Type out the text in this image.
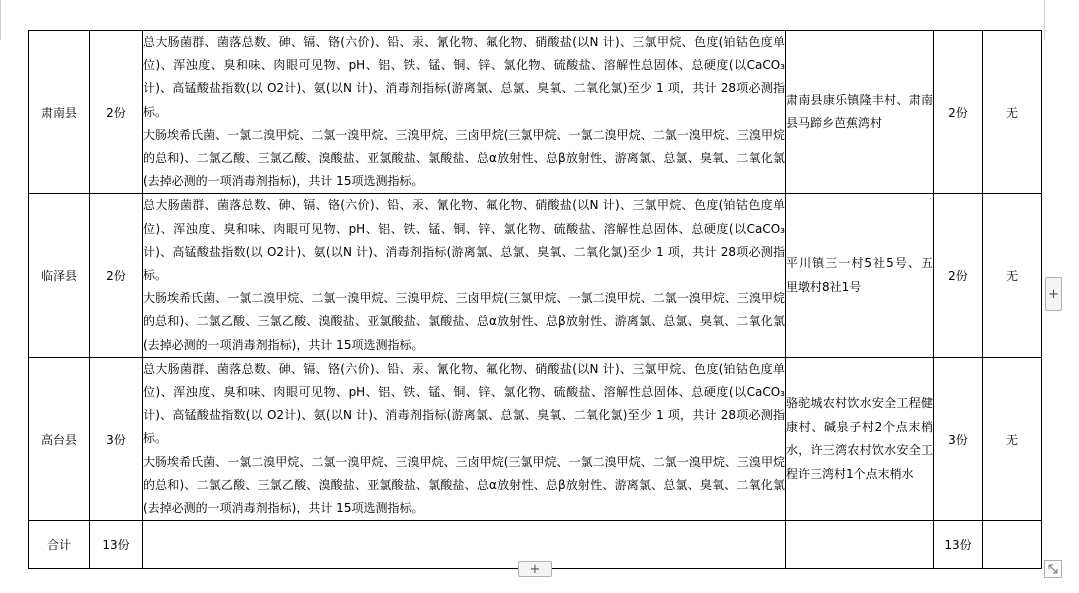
肃南县	2份	总大肠菌群、菌落总数、砷、镉、铬(六价)、铅、汞、氰化物、氟化物、硝酸盐(以N 计)、三氯甲烷、色度(铂钴色度单位)、浑浊度、臭和味、肉眼可见物、pH、铝、铁、锰、铜、锌、氯化物、硫酸盐、溶解性总固体、总硬度(以CaCO₃ 计)、高锰酸盐指数(以 O2计)、氨(以N 计)、消毒剂指标(游离氯、总氯、臭氧、二氧化氯)至少 1 项，共计 28项必测指标。

大肠埃希氏菌、一氯二溴甲烷、二氯一溴甲烷、三溴甲烷、三卤甲烷(三氯甲烷、一氯二溴甲烷、二氯一溴甲烷、三溴甲烷的总和)、二氯乙酸、三氯乙酸、溴酸盐、亚氯酸盐、氯酸盐、总α放射性、总β放射性、游离氯、总氯、臭氧、二氧化氯(去掉必测的一项消毒剂指标)，共计 15项选测指标。	肃南县康乐镇隆丰村、肃南县马蹄乡芭蕉湾村	2份	无
临泽县	2份	总大肠菌群、菌落总数、砷、镉、铬(六价)、铅、汞、氰化物、氟化物、硝酸盐(以N 计)、三氯甲烷、色度(铂钴色度单位)、浑浊度、臭和味、肉眼可见物、pH、铝、铁、锰、铜、锌、氯化物、硫酸盐、溶解性总固体、总硬度(以CaCO₃ 计)、高锰酸盐指数(以 O2计)、氨(以N 计)、消毒剂指标(游离氯、总氯、臭氧、二氧化氯)至少 1 项，共计 28项必测指标。

大肠埃希氏菌、一氯二溴甲烷、二氯一溴甲烷、三溴甲烷、三卤甲烷(三氯甲烷、一氯二溴甲烷、二氯一溴甲烷、三溴甲烷的总和)、二氯乙酸、三氯乙酸、溴酸盐、亚氯酸盐、氯酸盐、总α放射性、总β放射性、游离氯、总氯、臭氧、二氧化氯(去掉必测的一项消毒剂指标)，共计 15项选测指标。	平川镇三一村5社5号、五里墩村8社1号	2份	无
高台县	3份	总大肠菌群、菌落总数、砷、镉、铬(六价)、铅、汞、氰化物、氟化物、硝酸盐(以N 计)、三氯甲烷、色度(铂钴色度单位)、浑浊度、臭和味、肉眼可见物、pH、铝、铁、锰、铜、锌、氯化物、硫酸盐、溶解性总固体、总硬度(以CaCO₃ 计)、高锰酸盐指数(以 O2计)、氨(以N 计)、消毒剂指标(游离氯、总氯、臭氧、二氧化氯)至少 1 项，共计 28项必测指标。

大肠埃希氏菌、一氯二溴甲烷、二氯一溴甲烷、三溴甲烷、三卤甲烷(三氯甲烷、一氯二溴甲烷、二氯一溴甲烷、三溴甲烷的总和)、二氯乙酸、三氯乙酸、溴酸盐、亚氯酸盐、氯酸盐、总α放射性、总β放射性、游离氯、总氯、臭氧、二氧化氯(去掉必测的一项消毒剂指标)，共计 15项选测指标。	骆驼城农村饮水安全工程健康村、碱泉子村2个点末梢水，许三湾农村饮水安全工程许三湾村1个点末梢水	3份	无
合计	13份			13份	
+
+
